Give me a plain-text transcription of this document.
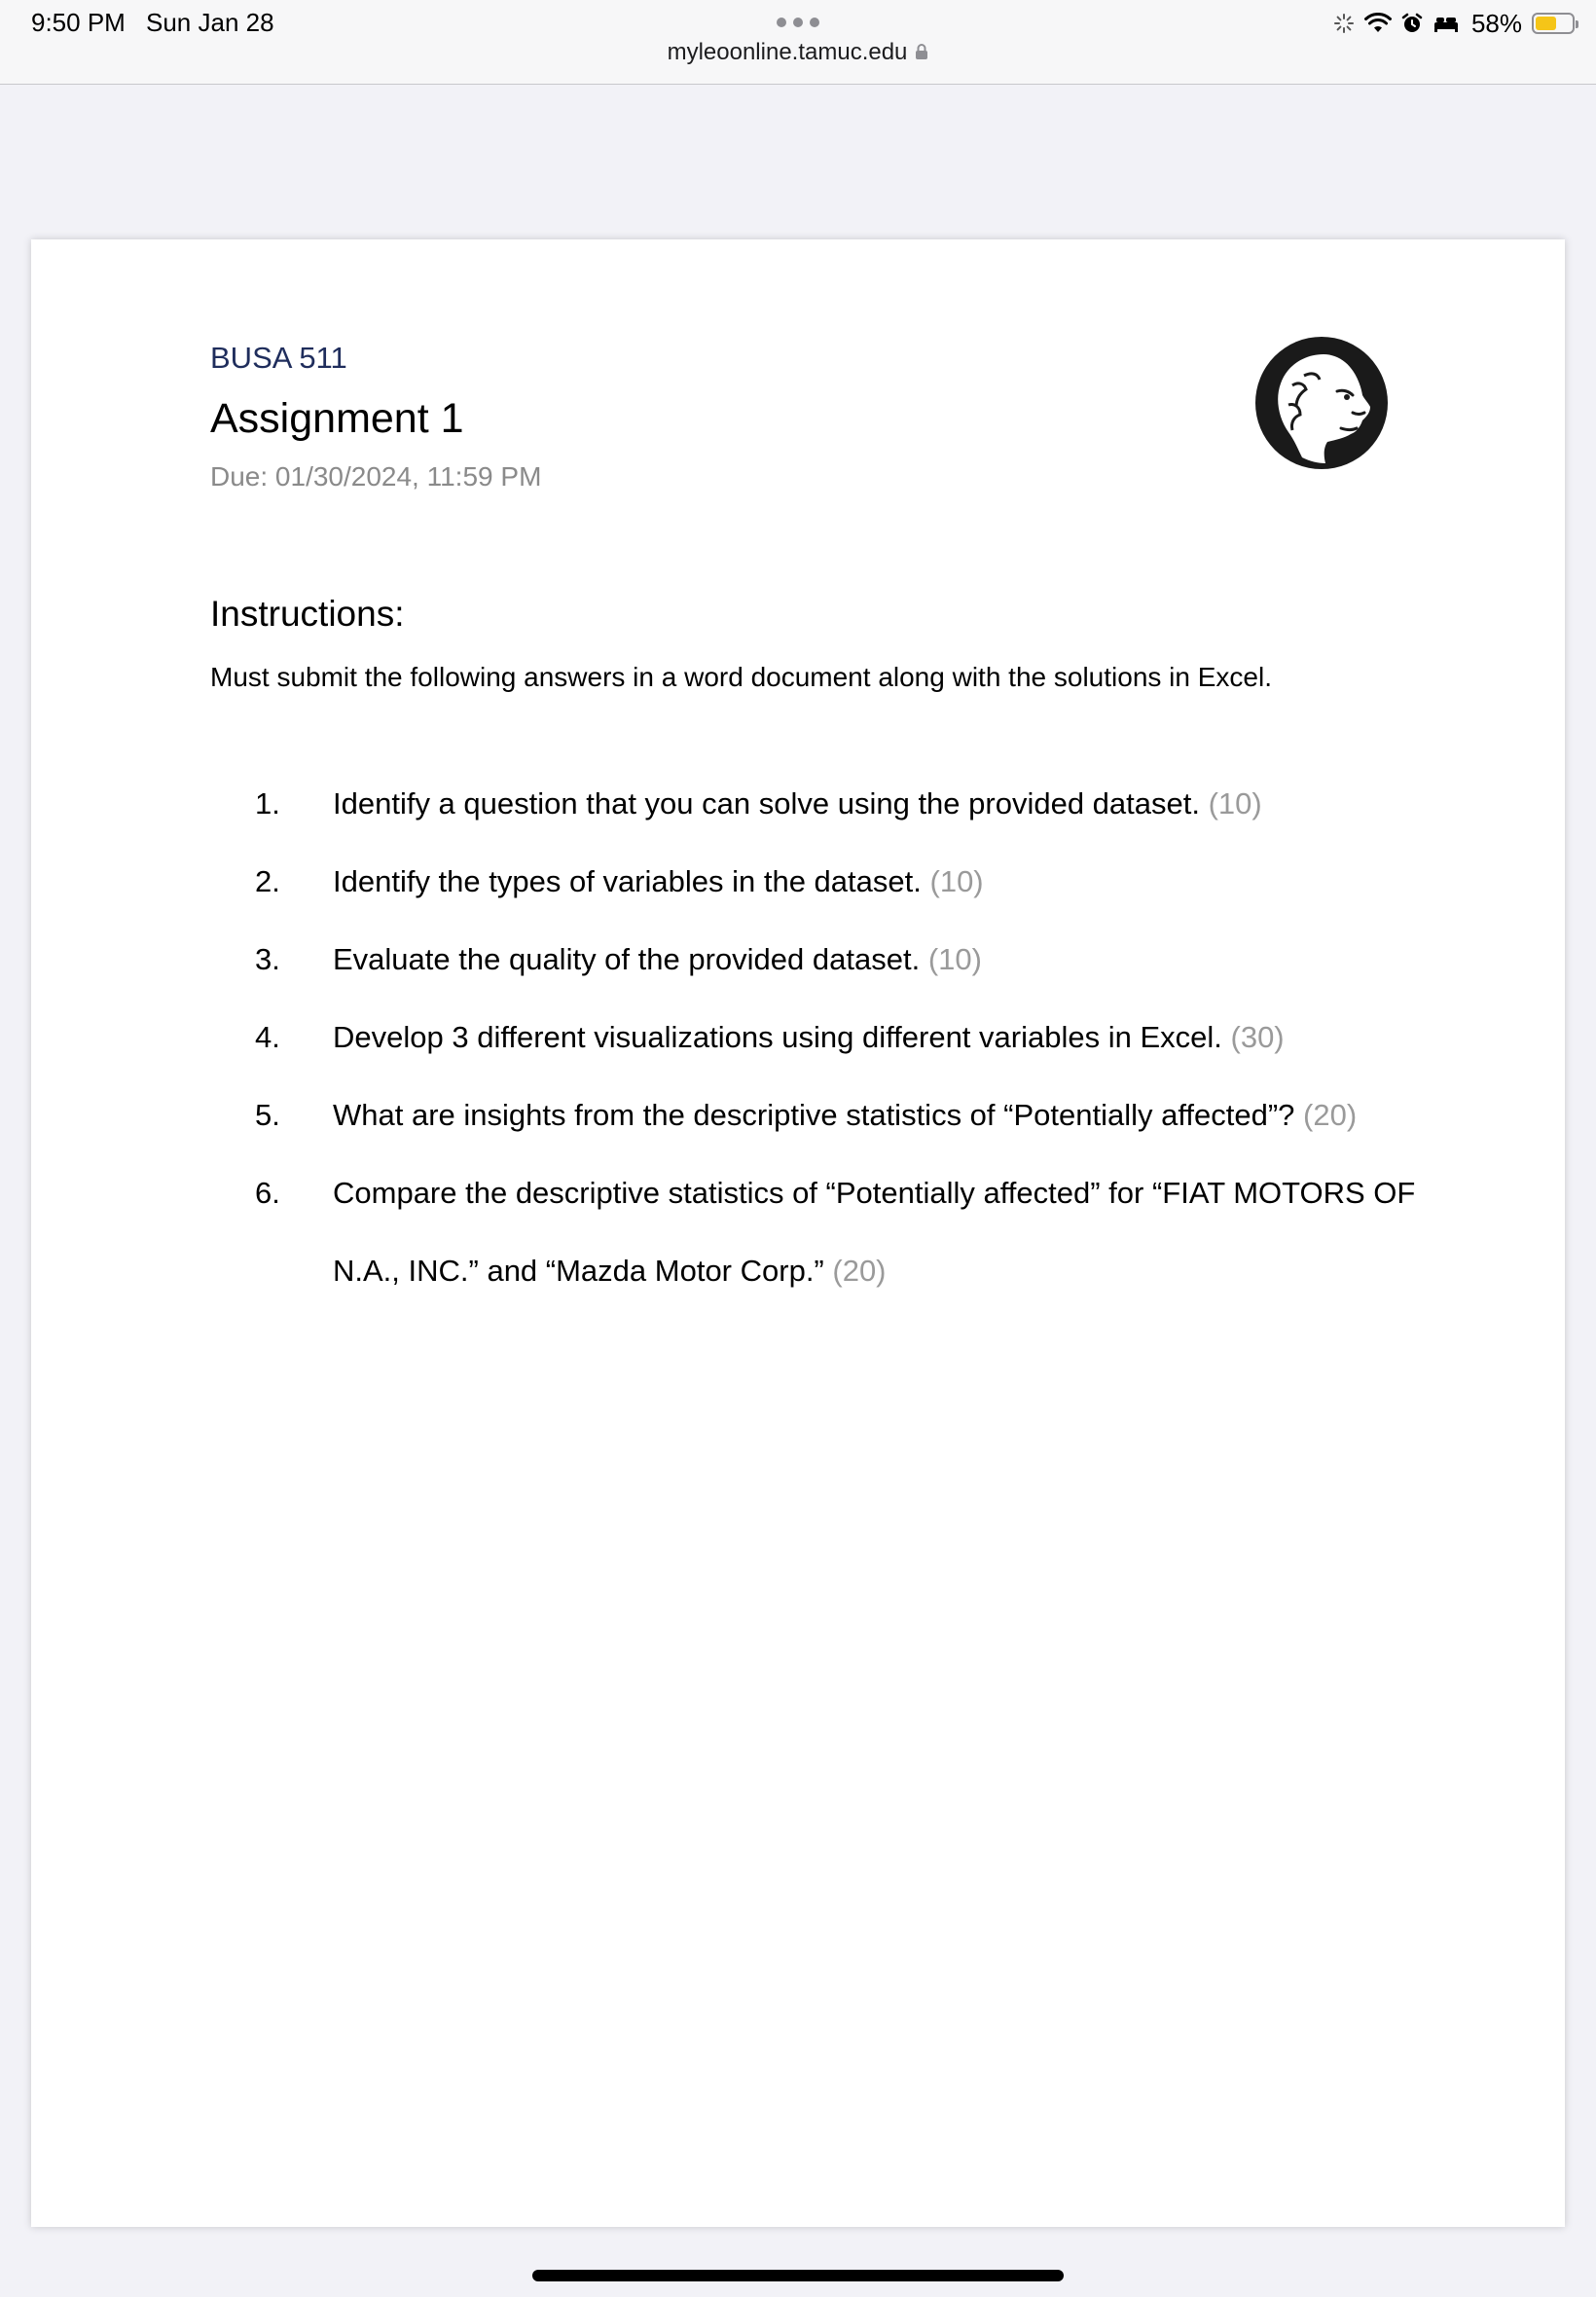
9:50 PM Sun Jan 28
myleoonline.tamuc.edu
58%
BUSA 511
Assignment 1
Due: 01/30/2024, 11:59 PM
Instructions:
Must submit the following answers in a word document along with the solutions in Excel.
1. Identify a question that you can solve using the provided dataset. (10)
2. Identify the types of variables in the dataset. (10)
3. Evaluate the quality of the provided dataset. (10)
4. Develop 3 different visualizations using different variables in Excel. (30)
5. What are insights from the descriptive statistics of “Potentially affected”? (20)
6. Compare the descriptive statistics of “Potentially affected” for “FIAT MOTORS OF N.A., INC.” and “Mazda Motor Corp.” (20)
